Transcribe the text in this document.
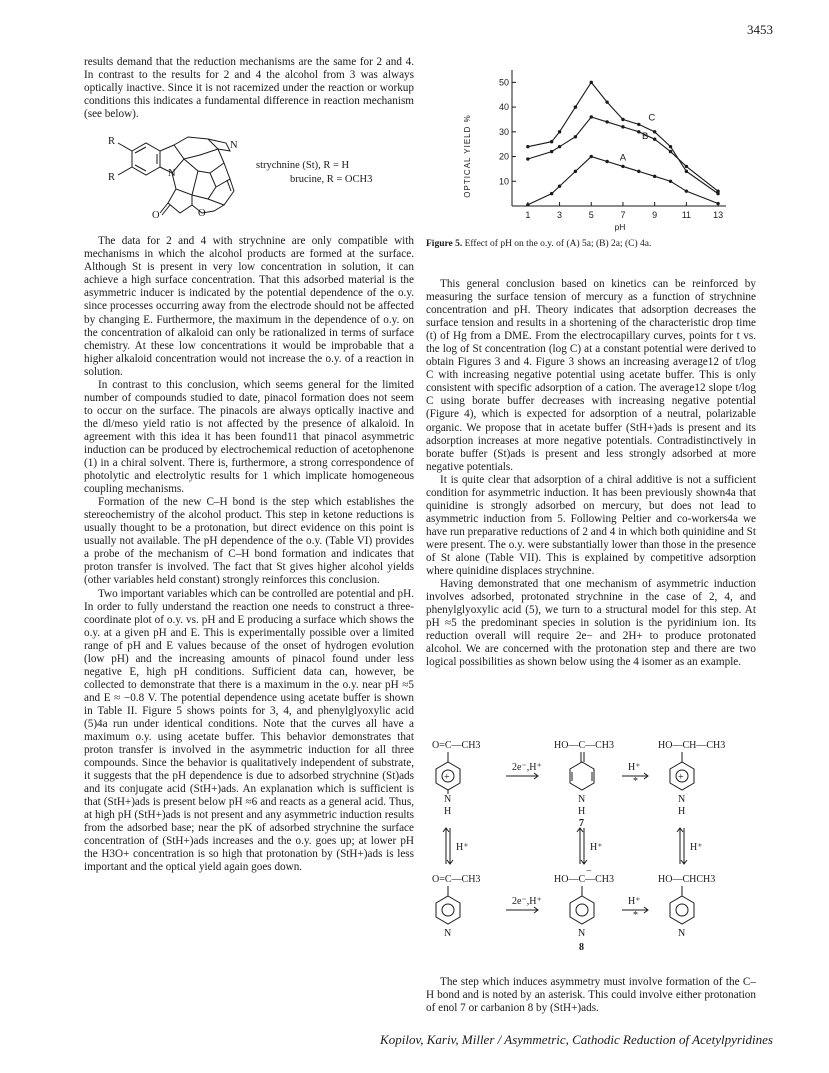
3453

results demand that the reduction mechanisms are the same for 2 and 4. In contrast to the results for 2 and 4 the alcohol from 3 was always optically inactive. Since it is not racemized under the reaction or workup conditions this indicates a fundamental difference in reaction mechanism (see below).

R
R
N
N
O	O
strychnine (St), R = H
brucine, R = OCH3

The data for 2 and 4 with strychnine are only compatible with mechanisms in which the alcohol products are formed at the surface. Although St is present in very low concentration in solution, it can achieve a high surface concentration. That this adsorbed material is the asymmetric inducer is indicated by the potential dependence of the o.y. since processes occurring away from the electrode should not be affected by changing E. Furthermore, the maximum in the dependence of o.y. on the concentration of alkaloid can only be rationalized in terms of surface chemistry. At these low concentrations it would be improbable that a higher alkaloid concentration would not increase the o.y. of a reaction in solution.

In contrast to this conclusion, which seems general for the limited number of compounds studied to date, pinacol formation does not seem to occur on the surface. The pinacols are always optically inactive and the dl/meso yield ratio is not affected by the presence of alkaloid. In agreement with this idea it has been found11 that pinacol asymmetric induction can be produced by electrochemical reduction of acetophenone (1) in a chiral solvent. There is, furthermore, a strong correspondence of photolytic and electrolytic results for 1 which implicate homogeneous coupling mechanisms.

Formation of the new C–H bond is the step which establishes the stereochemistry of the alcohol product. This step in ketone reductions is usually thought to be a protonation, but direct evidence on this point is usually not available. The pH dependence of the o.y. (Table VI) provides a probe of the mechanism of C–H bond formation and indicates that proton transfer is involved. The fact that St gives higher alcohol yields (other variables held constant) strongly reinforces this conclusion.

Two important variables which can be controlled are potential and pH. In order to fully understand the reaction one needs to construct a three-coordinate plot of o.y. vs. pH and E producing a surface which shows the o.y. at a given pH and E. This is experimentally possible over a limited range of pH and E values because of the onset of hydrogen evolution (low pH) and the increasing amounts of pinacol found under less negative E, high pH conditions. Sufficient data can, however, be collected to demonstrate that there is a maximum in the o.y. near pH ≈5 and E ≈ −0.8 V. The potential dependence using acetate buffer is shown in Table II. Figure 5 shows points for 3, 4, and phenylglyoxylic acid (5)4a run under identical conditions. Note that the curves all have a maximum o.y. using acetate buffer. This behavior demonstrates that proton transfer is involved in the asymmetric induction for all three compounds. Since the behavior is qualitatively independent of substrate, it suggests that the pH dependence is due to adsorbed strychnine (St)ads and its conjugate acid (StH+)ads. An explanation which is sufficient is that (StH+)ads is present below pH ≈6 and reacts as a general acid. Thus, at high pH (StH+)ads is not present and any asymmetric induction results from the adsorbed base; near the pK of adsorbed strychnine the surface concentration of (StH+)ads increases and the o.y. goes up; at lower pH the H3O+ concentration is so high that protonation by (StH+)ads is less important and the optical yield again goes down.

OPTICAL YIELD %
pH
10
20
30
40
50
1	3	5	7	9	11 13
A
B
C
Figure 5. Effect of pH on the o.y. of (A) 5a; (B) 2a; (C) 4a.

This general conclusion based on kinetics can be reinforced by measuring the surface tension of mercury as a function of strychnine concentration and pH. Theory indicates that adsorption decreases the surface tension and results in a shortening of the characteristic drop time (t) of Hg from a DME. From the electrocapillary curves, points for t vs. the log of St concentration (log C) at a constant potential were derived to obtain Figures 3 and 4. Figure 3 shows an increasing average12 of t/log C with increasing negative potential using acetate buffer. This is only consistent with specific adsorption of a cation. The average12 slope t/log C using borate buffer decreases with increasing negative potential (Figure 4), which is expected for adsorption of a neutral, polarizable organic. We propose that in acetate buffer (StH+)ads is present and its adsorption increases at more negative potentials. Contradistinctively in borate buffer (St)ads is present and less strongly adsorbed at more negative potentials.

It is quite clear that adsorption of a chiral additive is not a sufficient condition for asymmetric induction. It has been previously shown4a that quinidine is strongly adsorbed on mercury, but does not lead to asymmetric induction from 5. Following Peltier and co-workers4a we have run preparative reductions of 2 and 4 in which both quinidine and St were present. The o.y. were substantially lower than those in the presence of St alone (Table VII). This is explained by competitive adsorption where quinidine displaces strychnine.

Having demonstrated that one mechanism of asymmetric induction involves adsorbed, protonated strychnine in the case of 2, 4, and phenylglyoxylic acid (5), we turn to a structural model for this step. At pH ≈5 the predominant species in solution is the pyridinium ion. Its reduction overall will require 2e− and 2H+ to produce protonated alcohol. We are concerned with the protonation step and there are two logical possibilities as shown below using the 4 isomer as an example.

O=C—CH3	HO—C—CH3	HO—CH—CH3
+
N
H
2e⁻,H⁺
N
H
7
H⁺
*	+
N
H
H⁺	H⁺	H⁺
O=C—CH3	HO—C—CH3
−
HO—CHCH3
2e⁻,H⁺	H⁺
*
N	N
8
N

The step which induces asymmetry must involve formation of the C–H bond and is noted by an asterisk. This could involve either protonation of enol 7 or carbanion 8 by (StH+)ads.

Kopilov, Kariv, Miller / Asymmetric, Cathodic Reduction of Acetylpyridines
